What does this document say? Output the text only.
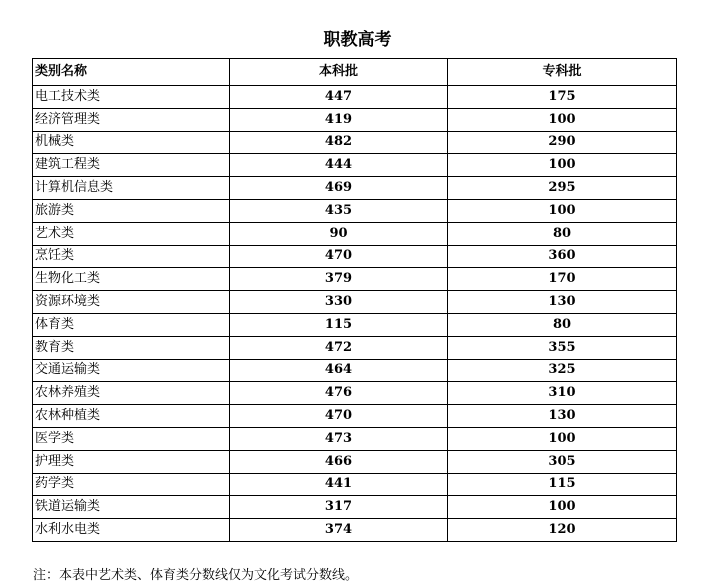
职教高考
类别名称	本科批	专科批
电工技术类	447	175
经济管理类	419	100
机械类	482	290
建筑工程类	444	100
计算机信息类	469	295
旅游类	435	100
艺术类	90	80
烹饪类	470	360
生物化工类	379	170
资源环境类	330	130
体育类	115	80
教育类	472	355
交通运输类	464	325
农林养殖类	476	310
农林种植类	470	130
医学类	473	100
护理类	466	305
药学类	441	115
铁道运输类	317	100
水利水电类	374	120
注：本表中艺术类、体育类分数线仅为文化考试分数线。
